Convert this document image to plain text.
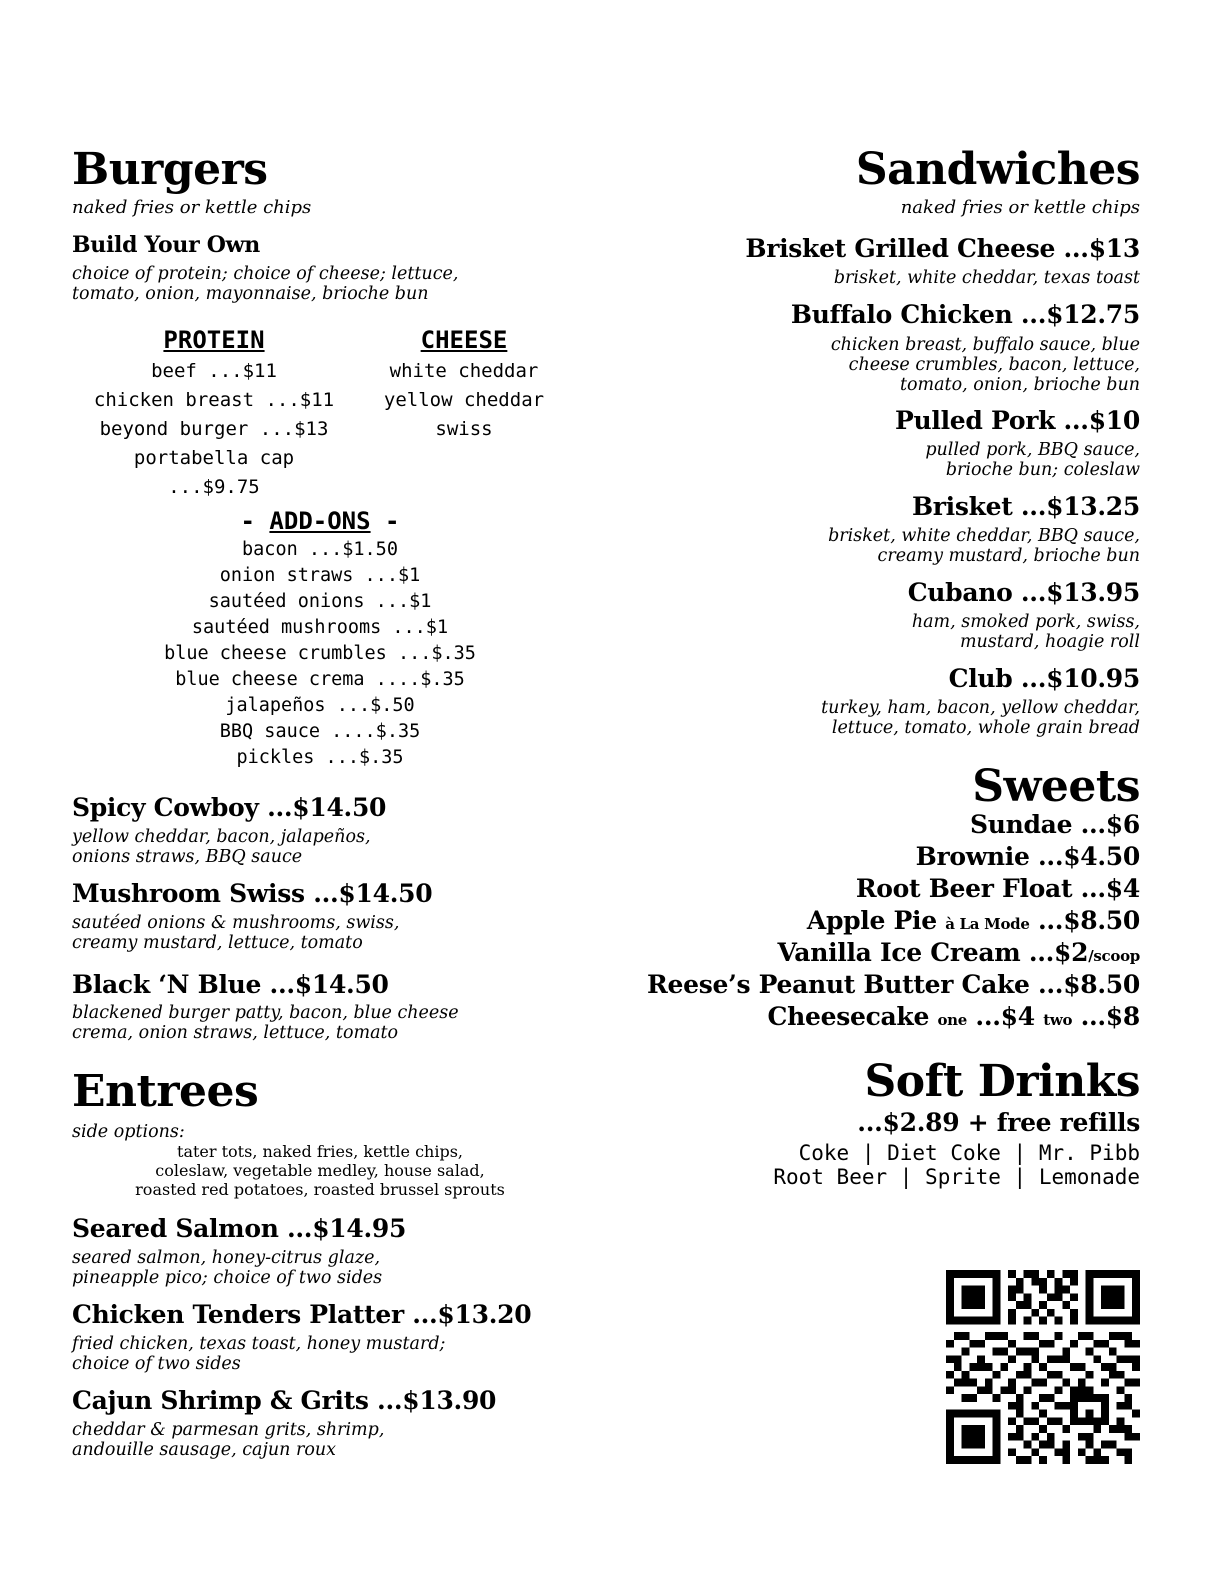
Burgers
naked fries or kettle chips
Build Your Own
choice of protein; choice of cheese; lettuce,
tomato, onion, mayonnaise, brioche bun
PROTEIN
beef ...$11
chicken breast ...$11
beyond burger ...$13
portabella cap ...$9.75
CHEESE
white cheddar
yellow cheddar
swiss
- ADD-ONS -
bacon ...$1.50
onion straws ...$1
sautéed onions ...$1
sautéed mushrooms ...$1
blue cheese crumbles ...$.35
blue cheese crema ....$.35
jalapeños ...$.50
BBQ sauce ....$.35
pickles ...$.35
Spicy Cowboy ...$14.50
yellow cheddar, bacon, jalapeños,
onions straws, BBQ sauce
Mushroom Swiss ...$14.50
sautéed onions & mushrooms, swiss,
creamy mustard, lettuce, tomato
Black ‘N Blue ...$14.50
blackened burger patty, bacon, blue cheese
crema, onion straws, lettuce, tomato
Entrees
side options:
tater tots, naked fries, kettle chips,
coleslaw, vegetable medley, house salad,
roasted red potatoes, roasted brussel sprouts
Seared Salmon ...$14.95
seared salmon, honey-citrus glaze,
pineapple pico; choice of two sides
Chicken Tenders Platter ...$13.20
fried chicken, texas toast, honey mustard;
choice of two sides
Cajun Shrimp & Grits ...$13.90
cheddar & parmesan grits, shrimp,
andouille sausage, cajun roux
Sandwiches
naked fries or kettle chips
Brisket Grilled Cheese ...$13
brisket, white cheddar, texas toast
Buffalo Chicken ...$12.75
chicken breast, buffalo sauce, blue
cheese crumbles, bacon, lettuce,
tomato, onion, brioche bun
Pulled Pork ...$10
pulled pork, BBQ sauce,
brioche bun; coleslaw
Brisket ...$13.25
brisket, white cheddar, BBQ sauce,
creamy mustard, brioche bun
Cubano ...$13.95
ham, smoked pork, swiss,
mustard, hoagie roll
Club ...$10.95
turkey, ham, bacon, yellow cheddar,
lettuce, tomato, whole grain bread
Sweets
Sundae ...$6
Brownie ...$4.50
Root Beer Float ...$4
Apple Pie à La Mode ...$8.50
Vanilla Ice Cream ...$2/scoop
Reese’s Peanut Butter Cake ...$8.50
Cheesecake one ...$4 two ...$8
Soft Drinks
...$2.89 + free refills
Coke | Diet Coke | Mr. Pibb
Root Beer | Sprite | Lemonade
